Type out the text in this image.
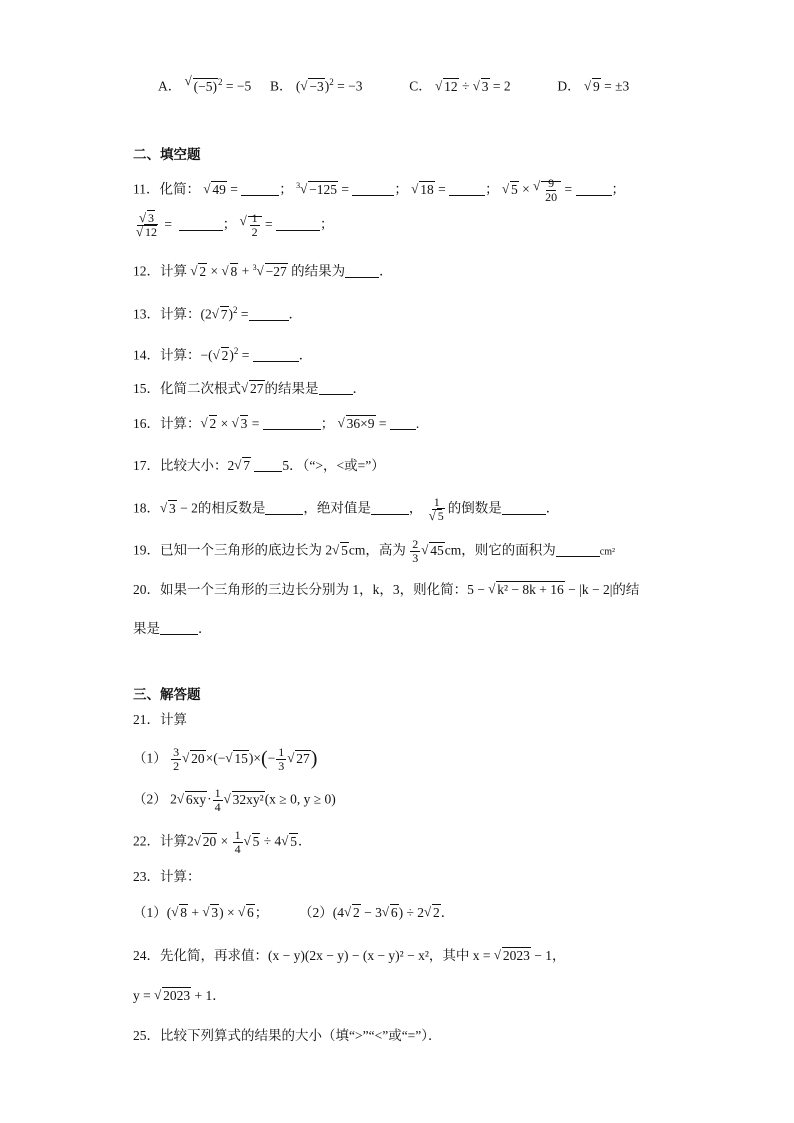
A． √ $(-5)^2 = -5$ B． ( √ −3)$^2$ = −3	C． √ 12 ÷ √ 3 = 2	D． √ 9 = ±3
二、填空题
11．化简： √ 49 =	； $^3$ √ −125 =	； √ 18 =	； √ 5 × √ $\frac{9}{20}$ =	；
√ 3
√ 12 =	； √ $\frac{1}{2}$ =	；
12．计算 √ 2 × √ 8 + $^3$ √ −27 的结果为	．
13．计算：(2 √ 7)$^2$ =	．
14．计算：−( √ 2)$^2$ =	．
15．化简二次根式 √ 27的结果是	．
16．计算： √ 2 × √ 3 =	； √ 36×9 = .
17．比较大小：2 √ 7 5．（“>，<或=”）
18． √ 3 − 2的相反数是	，绝对值是	， 1
√ 5 的倒数是	．
19．已知一个三角形的底边长为 2 √ 5cm，高为 $\frac{2}{3}$ √ 45cm，则它的面积为	cm²
20．如果一个三角形的三边长分别为 1，k，3，则化简：5 − √ k² − 8k + 16 − |k − 2|的结
果是	．
三、解答题
21．计算
$(1) \frac{3}{2}$ √ 20×(− √ $15)\times(- \frac{1}{3}$ √ 27)
（2） 2 √ $6xy\cdot \frac{1}{4}$ √ 32xy²(x ≥ 0, y ≥ 0)
22．计算2 √ $20 \times \frac{1}{4}$ √ 5 ÷ 4 √ 5．
23．计算：
（1）( √ 8 + √ 3) × √ 6；  （2）(4 √ 2 − 3 √ 6) ÷ 2 √ 2．
24．先化简，再求值：(x − y)(2x − y) − (x − y)² − x²，其中 x = √ 2023 − 1，
y = √ 2023 + 1．
25．比较下列算式的结果的大小（填“>”“<”或“=”）．
